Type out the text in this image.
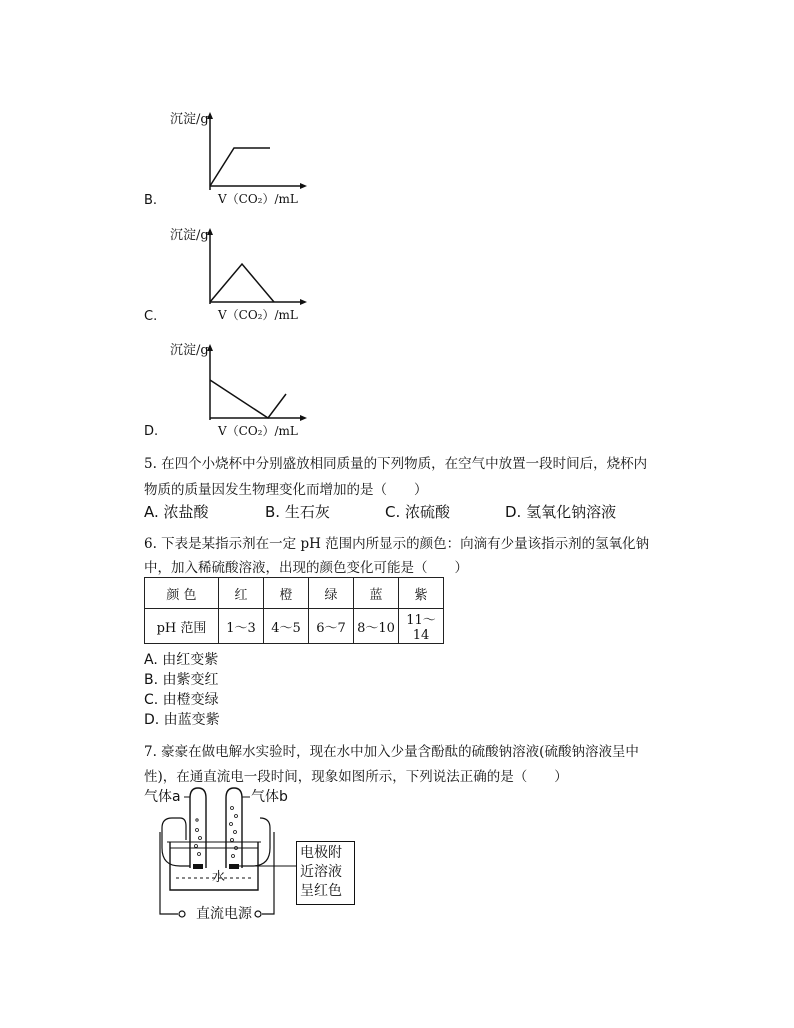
沉淀/g
B.	V（CO₂）/mL
沉淀/g
C.	V（CO₂）/mL
沉淀/g
D.	V（CO₂）/mL
5. 在四个小烧杯中分别盛放相同质量的下列物质，在空气中放置一段时间后，烧杯内
物质的质量因发生物理变化而增加的是（　　）
A. 浓盐酸	B. 生石灰	C. 浓硫酸	D. 氢氧化钠溶液
6. 下表是某指示剂在一定 pH 范围内所显示的颜色：向滴有少量该指示剂的氢氧化钠
中，加入稀硫酸溶液，出现的颜色变化可能是（　　）
颜 色	红	橙	绿	蓝	紫
pH 范围	1～3	4～5	6～7	8～10	11～14
A. 由红变紫
B. 由紫变红
C. 由橙变绿
D. 由蓝变紫
7. 豪豪在做电解水实验时，现在水中加入少量含酚酞的硫酸钠溶液(硫酸钠溶液呈中
性)，在通直流电一段时间，现象如图所示，下列说法正确的是（　　）
气体a	气体b
水
电极附
近溶液
呈红色
直流电源
